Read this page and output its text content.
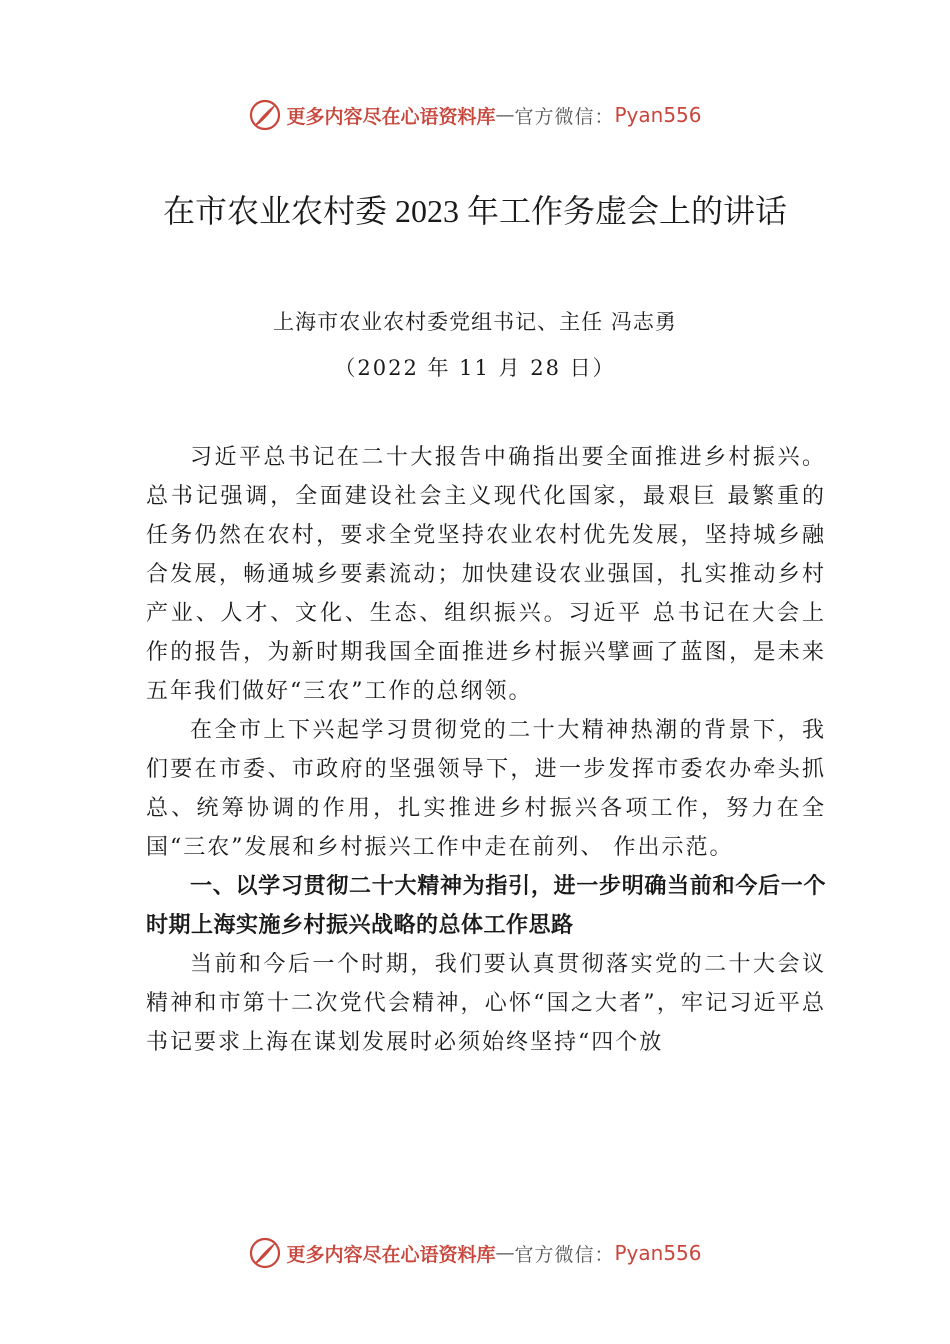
更多内容尽在心语资料库 — 官方微信： Pyan556
在市农业农村委 2023 年工作务虚会上的讲话
上海市农业农村委党组书记、主任 冯志勇
（2022 年 11 月 28 日）

习近平总书记在二十大报告中确指出要全面推进乡村振兴。总书记强调，全面建设社会主义现代化国家，最艰巨 最繁重的任务仍然在农村，要求全党坚持农业农村优先发展，坚持城乡融合发展，畅通城乡要素流动；加快建设农业强国，扎实推动乡村产业、人才、文化、生态、组织振兴。习近平 总书记在大会上作的报告，为新时期我国全面推进乡村振兴擘画了蓝图，是未来五年我们做好“三农”工作的总纲领。

在全市上下兴起学习贯彻党的二十大精神热潮的背景下，我们要在市委、市政府的坚强领导下，进一步发挥市委农办牵头抓总、统筹协调的作用，扎实推进乡村振兴各项工作，努力在全国“三农”发展和乡村振兴工作中走在前列、 作出示范。

一、以学习贯彻二十大精神为指引，进一步明确当前和今后一个时期上海实施乡村振兴战略的总体工作思路

当前和今后一个时期，我们要认真贯彻落实党的二十大会议精神和市第十二次党代会精神，心怀“国之大者”，牢记习近平总书记要求上海在谋划发展时必须始终坚持“四个放

更多内容尽在心语资料库 — 官方微信： Pyan556
